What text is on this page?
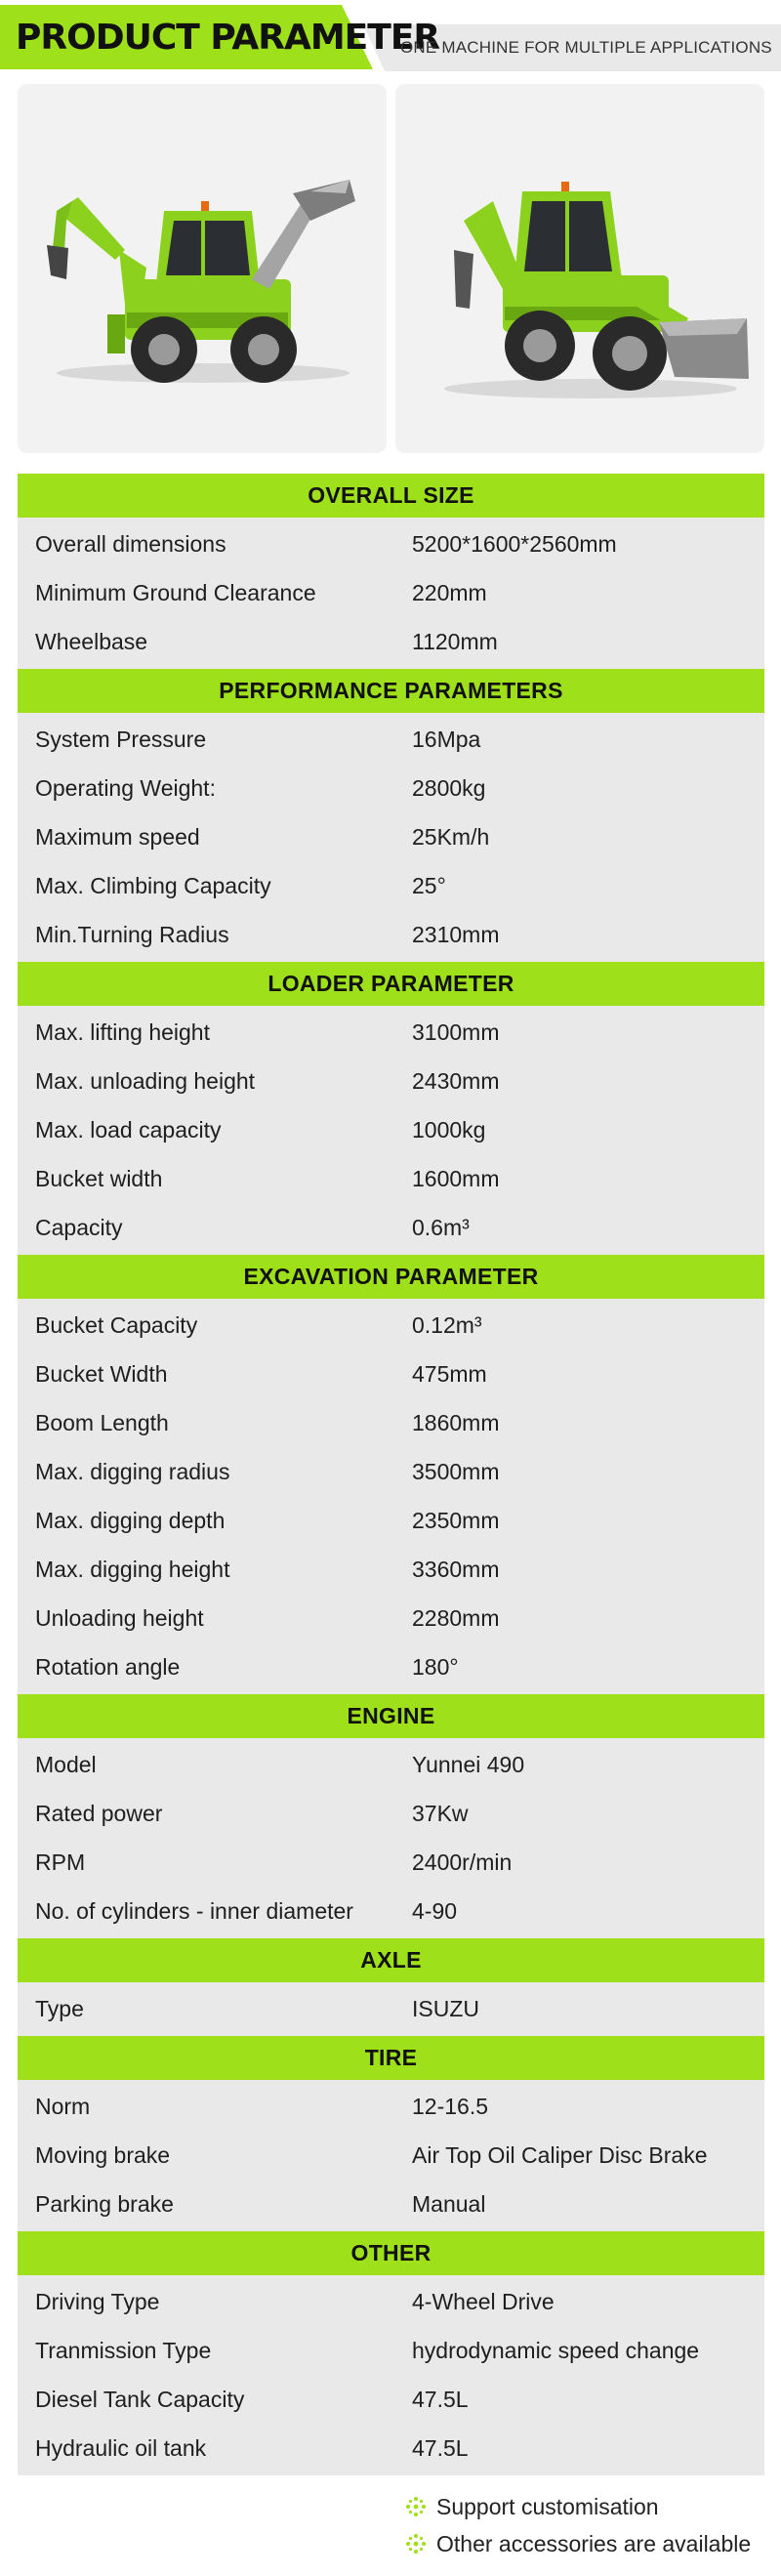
PRODUCT PARAMETER
ONE MACHINE FOR MULTIPLE APPLICATIONS
OVERALL SIZE
Overall dimensions	5200*1600*2560mm
Minimum Ground Clearance	220mm
Wheelbase	1120mm
PERFORMANCE PARAMETERS
System Pressure	16Mpa
Operating Weight:	2800kg
Maximum speed	25Km/h
Max. Climbing Capacity	25°
Min.Turning Radius	2310mm
LOADER PARAMETER
Max. lifting height	3100mm
Max. unloading height	2430mm
Max. load capacity	1000kg
Bucket width	1600mm
Capacity	0.6m³
EXCAVATION PARAMETER
Bucket Capacity	0.12m³
Bucket Width	475mm
Boom Length	1860mm
Max. digging radius	3500mm
Max. digging depth	2350mm
Max. digging height	3360mm
Unloading height	2280mm
Rotation angle	180°
ENGINE
Model	Yunnei 490
Rated power	37Kw
RPM	2400r/min
No. of cylinders - inner diameter	4-90
AXLE
Type	ISUZU
TIRE
Norm	12-16.5
Moving brake	Air Top Oil Caliper Disc Brake
Parking brake	Manual
OTHER
Driving Type	4-Wheel Drive
Tranmission Type	hydrodynamic speed change
Diesel Tank Capacity	47.5L
Hydraulic oil tank	47.5L
Support customisation
Other accessories are available
